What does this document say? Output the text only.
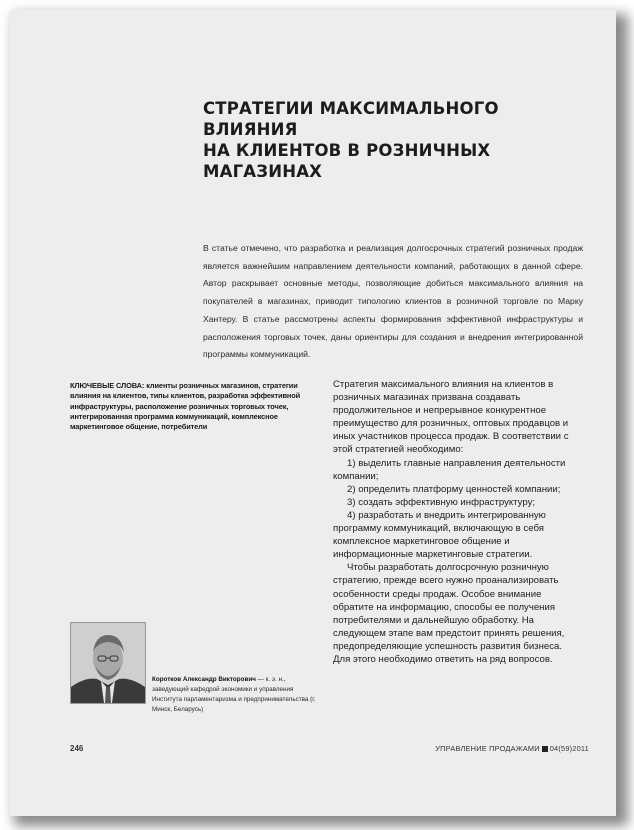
СТРАТЕГИИ МАКСИМАЛЬНОГО ВЛИЯНИЯ
НА КЛИЕНТОВ В РОЗНИЧНЫХ МАГАЗИНАХ

В статье отмечено, что разработка и реализация долгосрочных стратегий розничных продаж является важнейшим направлением деятельности компаний, работающих в данной сфере. Автор раскрывает основные методы, позволяющие добиться максимального влияния на покупателей в магазинах, приводит типологию клиентов в розничной торговле по Марку Хантеру. В статье рассмотрены аспекты формирования эффективной инфраструктуры и расположения торговых точек, даны ориентиры для создания и внедрения интегрированной программы коммуникаций.

КЛЮЧЕВЫЕ СЛОВА: клиенты розничных магазинов, стратегии влияния на клиентов, типы клиентов, разработка эффективной инфраструктуры, расположение розничных торговых точек, интегрированная программа коммуникаций, комплексное маркетинговое общение, потребители

Стратегия максимального влияния на клиентов в розничных магазинах призвана создавать продолжительное и непрерывное конкурентное преимущество для розничных, оптовых продавцов и иных участников процесса продаж. В соответствии с этой стратегией необходимо:

1) выделить главные направления деятельности компании;

2) определить платформу ценностей компании;

3) создать эффективную инфраструктуру;

4) разработать и внедрить интегрированную программу коммуникаций, включающую в себя комплексное маркетинговое общение и информационные маркетинговые стратегии.

Чтобы разработать долгосрочную розничную стратегию, прежде всего нужно проанализировать особенности среды продаж. Особое внимание обратите на информацию, способы ее получения потребителями и дальнейшую обработку. На следующем этапе вам предстоит принять решения, предопределяющие успешность развития бизнеса. Для этого необходимо ответить на ряд вопросов.

Коротков Александр Викторович — к. э. н., заведующий кафедрой экономики и управления Института парламентаризма и предпринимательства (г. Минск, Беларусь)

246	УПРАВЛЕНИЕ ПРОДАЖАМИ 04(59)2011
